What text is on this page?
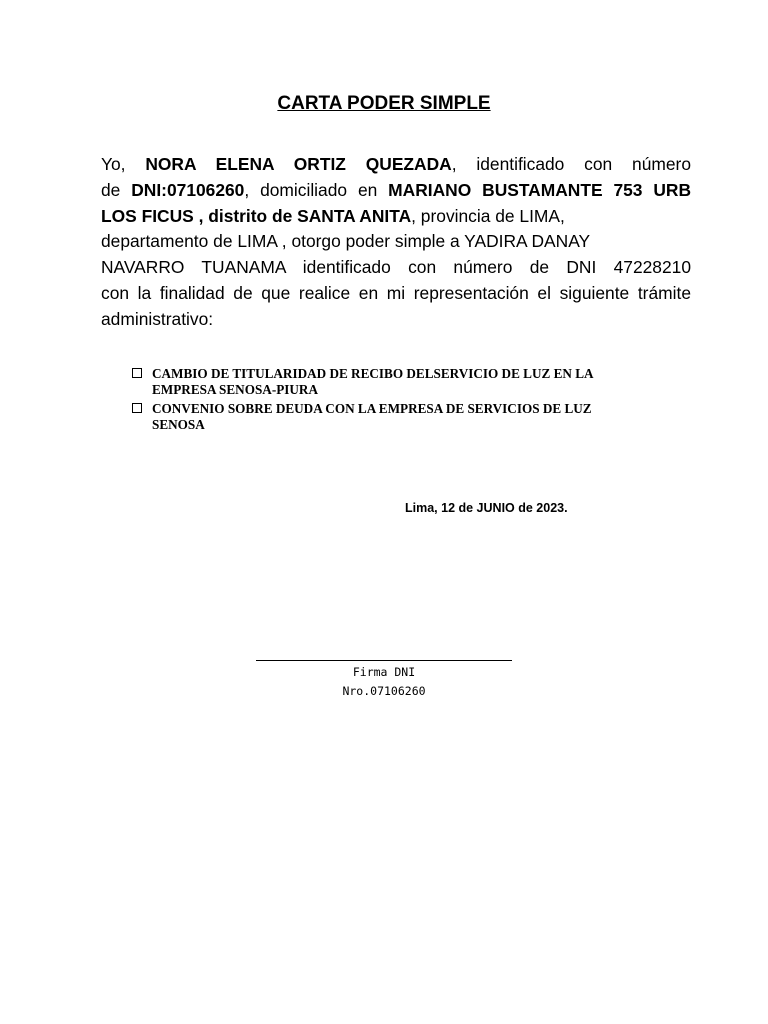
CARTA PODER SIMPLE
Yo, NORA ELENA ORTIZ QUEZADA, identificado con número
de DNI:07106260, domiciliado en MARIANO BUSTAMANTE 753 URB
LOS FICUS , distrito de SANTA ANITA, provincia de LIMA,
departamento de LIMA , otorgo poder simple a YADIRA DANAY
NAVARRO TUANAMA identificado con número de DNI 47228210
con la finalidad de que realice en mi representación el siguiente trámite
administrativo:
CAMBIO DE TITULARIDAD DE RECIBO DELSERVICIO DE LUZ EN LA
EMPRESA SENOSA-PIURA
CONVENIO SOBRE DEUDA CON LA EMPRESA DE SERVICIOS DE LUZ
SENOSA
Lima, 12 de JUNIO de 2023.
Firma DNI
Nro.07106260
